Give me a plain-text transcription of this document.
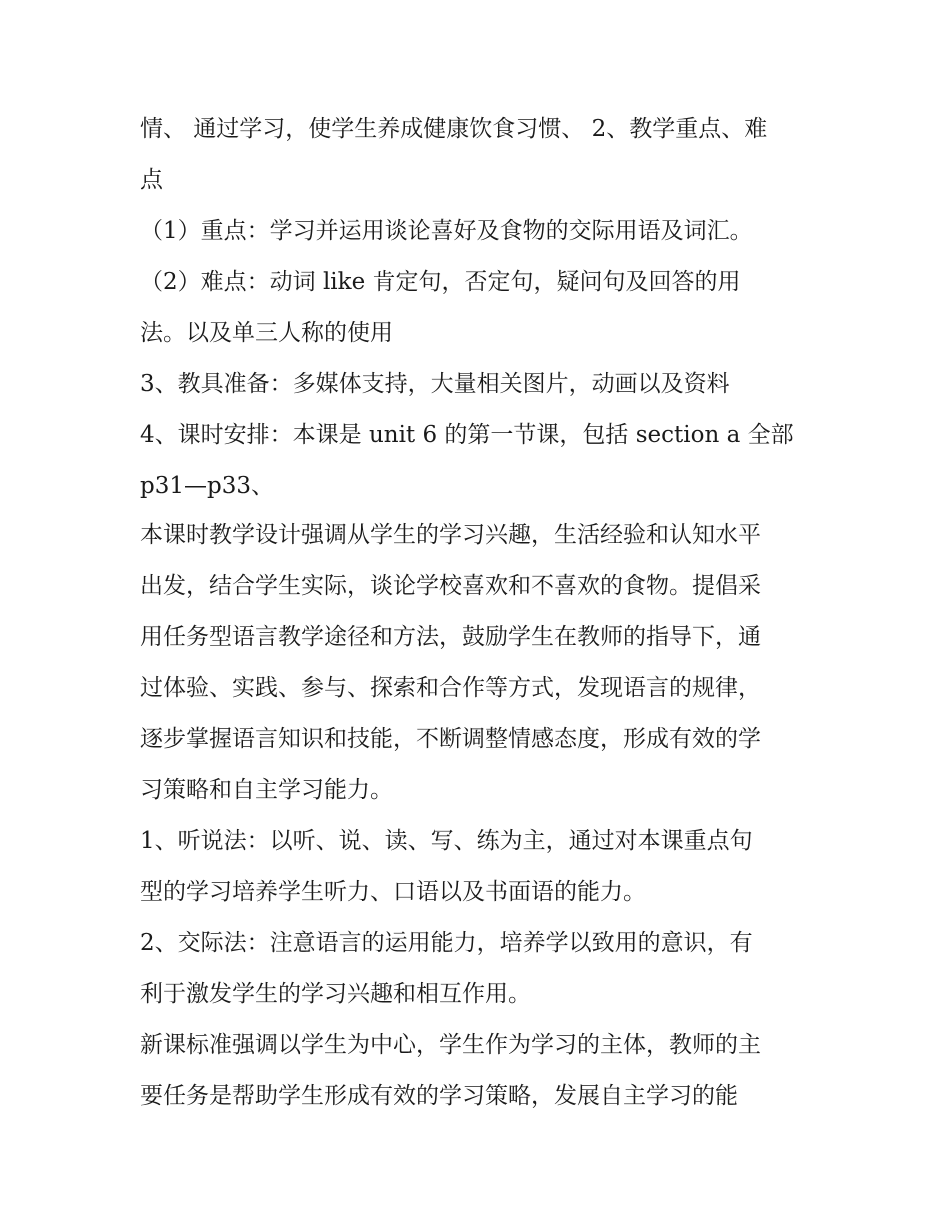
情、 通过学习，使学生养成健康饮食习惯、 2、教学重点、难
点
（1）重点：学习并运用谈论喜好及食物的交际用语及词汇。
（2）难点：动词 like 肯定句，否定句，疑问句及回答的用
法。以及单三人称的使用
3、教具准备：多媒体支持，大量相关图片，动画以及资料
4、课时安排：本课是 unit 6 的第一节课，包括 section a 全部
p31—p33、
本课时教学设计强调从学生的学习兴趣，生活经验和认知水平
出发，结合学生实际，谈论学校喜欢和不喜欢的食物。提倡采
用任务型语言教学途径和方法，鼓励学生在教师的指导下，通
过体验、实践、参与、探索和合作等方式，发现语言的规律，
逐步掌握语言知识和技能，不断调整情感态度，形成有效的学
习策略和自主学习能力。
1、听说法：以听、说、读、写、练为主，通过对本课重点句
型的学习培养学生听力、口语以及书面语的能力。
2、交际法：注意语言的运用能力，培养学以致用的意识，有
利于激发学生的学习兴趣和相互作用。
新课标准强调以学生为中心，学生作为学习的主体，教师的主
要任务是帮助学生形成有效的学习策略，发展自主学习的能
